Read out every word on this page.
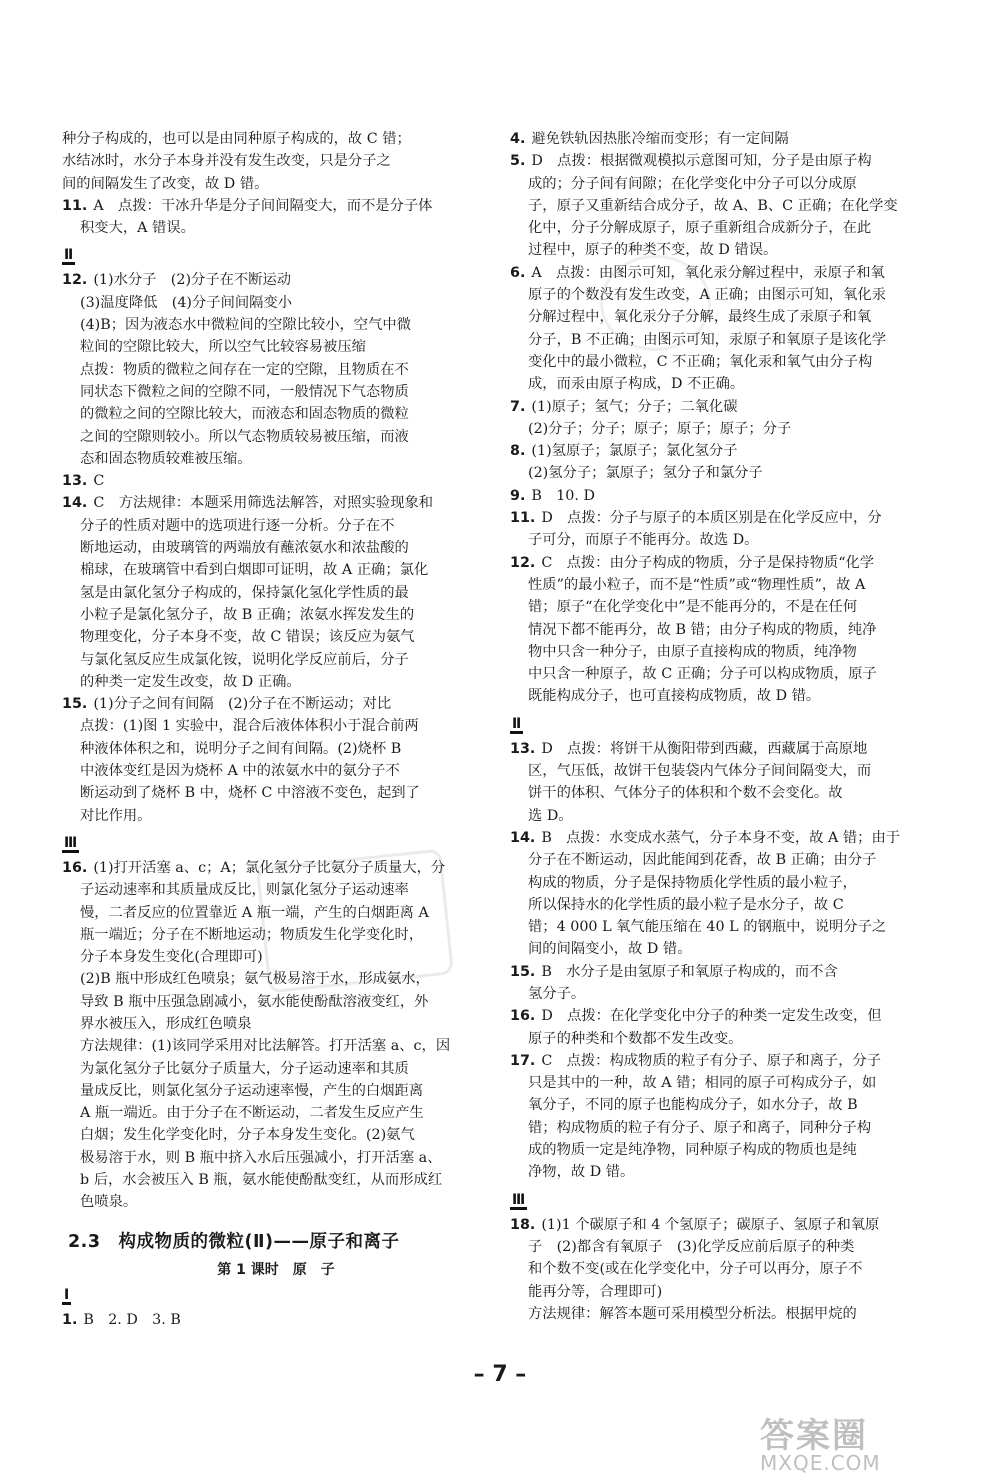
种分子构成的，也可以是由同种原子构成的，故 C 错；
水结冰时，水分子本身并没有发生改变，只是分子之
间的间隔发生了改变，故 D 错。
11. A　点拨：干冰升华是分子间间隔变大，而不是分子体
积变大，A 错误。
Ⅱ
12. (1)水分子　(2)分子在不断运动
(3)温度降低　(4)分子间间隔变小
(4)B；因为液态水中微粒间的空隙比较小，空气中微
粒间的空隙比较大，所以空气比较容易被压缩
点拨：物质的微粒之间存在一定的空隙，且物质在不
同状态下微粒之间的空隙不同，一般情况下气态物质
的微粒之间的空隙比较大，而液态和固态物质的微粒
之间的空隙则较小。所以气态物质较易被压缩，而液
态和固态物质较难被压缩。
13. C
14. C　方法规律：本题采用筛选法解答，对照实验现象和
分子的性质对题中的选项进行逐一分析。分子在不
断地运动，由玻璃管的两端放有蘸浓氨水和浓盐酸的
棉球，在玻璃管中看到白烟即可证明，故 A 正确；氯化
氢是由氯化氢分子构成的，保持氯化氢化学性质的最
小粒子是氯化氢分子，故 B 正确；浓氨水挥发发生的
物理变化，分子本身不变，故 C 错误；该反应为氨气
与氯化氢反应生成氯化铵，说明化学反应前后，分子
的种类一定发生改变，故 D 正确。
15. (1)分子之间有间隔　(2)分子在不断运动；对比
点拨：(1)图 1 实验中，混合后液体体积小于混合前两
种液体体积之和，说明分子之间有间隔。(2)烧杯 B
中液体变红是因为烧杯 A 中的浓氨水中的氨分子不
断运动到了烧杯 B 中，烧杯 C 中溶液不变色，起到了
对比作用。
Ⅲ
16. (1)打开活塞 a、c；A；氯化氢分子比氨分子质量大，分
子运动速率和其质量成反比，则氯化氢分子运动速率
慢，二者反应的位置靠近 A 瓶一端，产生的白烟距离 A
瓶一端近；分子在不断地运动；物质发生化学变化时，
分子本身发生变化(合理即可)
(2)B 瓶中形成红色喷泉；氨气极易溶于水，形成氨水，
导致 B 瓶中压强急剧减小，氨水能使酚酞溶液变红，外
界水被压入，形成红色喷泉
方法规律：(1)该同学采用对比法解答。打开活塞 a、c，因
为氯化氢分子比氨分子质量大，分子运动速率和其质
量成反比，则氯化氢分子运动速率慢，产生的白烟距离
A 瓶一端近。由于分子在不断运动，二者发生反应产生
白烟；发生化学变化时，分子本身发生变化。(2)氨气
极易溶于水，则 B 瓶中挤入水后压强减小，打开活塞 a、
b 后，水会被压入 B 瓶，氨水能使酚酞变红，从而形成红
色喷泉。
2.3　构成物质的微粒(Ⅱ)——原子和离子
第 1 课时　原　子
Ⅰ
1. B　2. D　3. B
4. 避免铁轨因热胀冷缩而变形；有一定间隔
5. D　点拨：根据微观模拟示意图可知，分子是由原子构
成的；分子间有间隙；在化学变化中分子可以分成原
子，原子又重新结合成分子，故 A、B、C 正确；在化学变
化中，分子分解成原子，原子重新组合成新分子，在此
过程中，原子的种类不变，故 D 错误。
6. A　点拨：由图示可知，氧化汞分解过程中，汞原子和氧
原子的个数没有发生改变，A 正确；由图示可知，氧化汞
分解过程中，氧化汞分子分解，最终生成了汞原子和氧
分子，B 不正确；由图示可知，汞原子和氧原子是该化学
变化中的最小微粒，C 不正确；氧化汞和氧气由分子构
成，而汞由原子构成，D 不正确。
7. (1)原子；氢气；分子；二氧化碳
(2)分子；分子；原子；原子；原子；分子
8. (1)氢原子；氯原子；氯化氢分子
(2)氢分子；氯原子；氢分子和氯分子
9. B　10. D
11. D　点拨：分子与原子的本质区别是在化学反应中，分
子可分，而原子不能再分。故选 D。
12. C　点拨：由分子构成的物质，分子是保持物质“化学
性质”的最小粒子，而不是“性质”或“物理性质”，故 A
错；原子“在化学变化中”是不能再分的，不是在任何
情况下都不能再分，故 B 错；由分子构成的物质，纯净
物中只含一种分子，由原子直接构成的物质，纯净物
中只含一种原子，故 C 正确；分子可以构成物质，原子
既能构成分子，也可直接构成物质，故 D 错。
Ⅱ
13. D　点拨：将饼干从衡阳带到西藏，西藏属于高原地
区，气压低，故饼干包装袋内气体分子间间隔变大，而
饼干的体积、气体分子的体积和个数不会变化。故
选 D。
14. B　点拨：水变成水蒸气，分子本身不变，故 A 错；由于
分子在不断运动，因此能闻到花香，故 B 正确；由分子
构成的物质，分子是保持物质化学性质的最小粒子，
所以保持水的化学性质的最小粒子是水分子，故 C
错；4 000 L 氧气能压缩在 40 L 的钢瓶中，说明分子之
间的间隔变小，故 D 错。
15. B　水分子是由氢原子和氧原子构成的，而不含
氢分子。
16. D　点拨：在化学变化中分子的种类一定发生改变，但
原子的种类和个数都不发生改变。
17. C　点拨：构成物质的粒子有分子、原子和离子，分子
只是其中的一种，故 A 错；相同的原子可构成分子，如
氧分子，不同的原子也能构成分子，如水分子，故 B
错；构成物质的粒子有分子、原子和离子，同种分子构
成的物质一定是纯净物，同种原子构成的物质也是纯
净物，故 D 错。
Ⅲ
18. (1)1 个碳原子和 4 个氢原子；碳原子、氢原子和氧原
子　(2)都含有氧原子　(3)化学反应前后原子的种类
和个数不变(或在化学变化中，分子可以再分，原子不
能再分等，合理即可)
方法规律：解答本题可采用模型分析法。根据甲烷的
– 7 –
答案圈
MXQE.COM
